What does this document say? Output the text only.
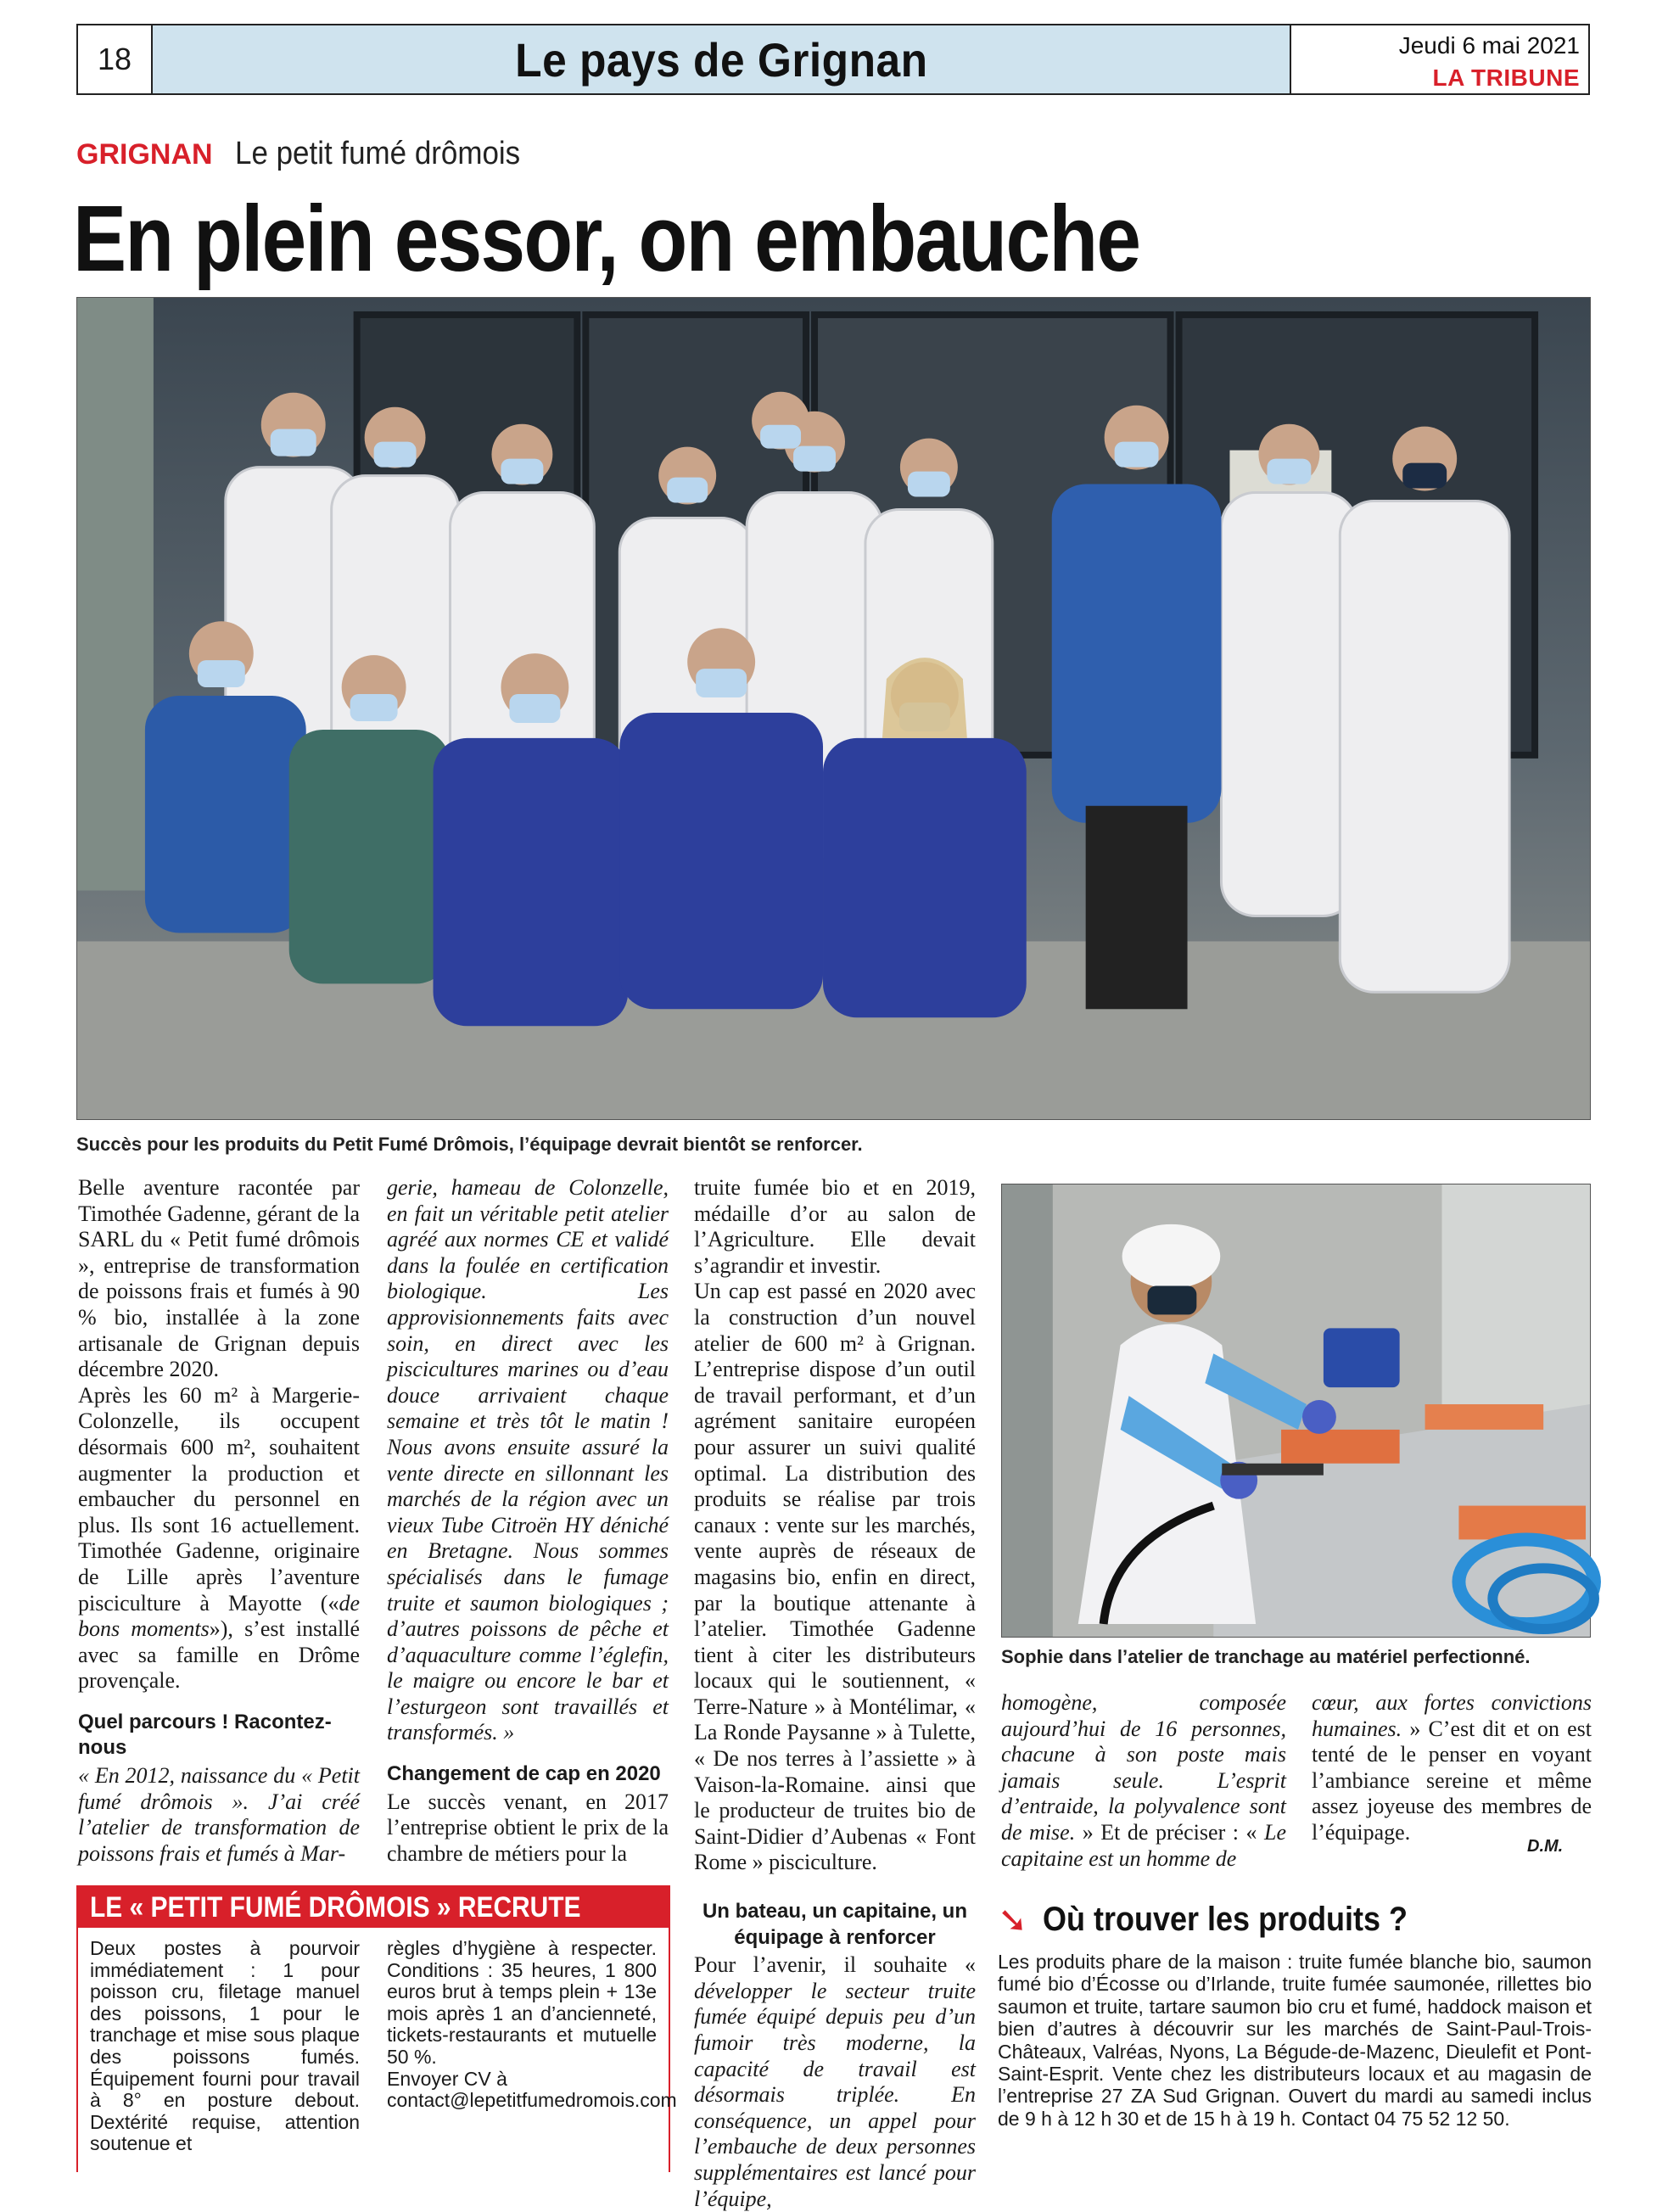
18	Le pays de Grignan	Jeudi 6 mai 2021
LA TRIBUNE
GRIGNAN Le petit fumé drômois
En plein essor, on embauche
Succès pour les produits du Petit Fumé Drômois, l’équipage devrait bientôt se renforcer.
Sophie dans l’atelier de tranchage au matériel perfectionné.

Belle aventure racontée par Timothée Gadenne, gérant de la SARL du « Petit fumé drômois », entreprise de transformation de poissons frais et fumés à 90 % bio, installée à la zone artisanale de Grignan depuis décembre 2020.

Après les 60 m² à Margerie-Colonzelle, ils occupent désormais 600 m², souhaitent augmenter la production et embaucher du personnel en plus. Ils sont 16 actuellement. Timothée Gadenne, originaire de Lille après l’aventure pisciculture à Mayotte («de bons moments»), s’est installé avec sa famille en Drôme provençale.

Quel parcours ! Racontez-nous

« En 2012, naissance du « Petit fumé drômois ». J’ai créé l’atelier de transformation de poissons frais et fumés à Mar-

gerie, hameau de Colonzelle, en fait un véritable petit atelier agréé aux normes CE et validé dans la foulée en certification biologique. Les approvisionnements faits avec soin, en direct avec les piscicultures marines ou d’eau douce arrivaient chaque semaine et très tôt le matin ! Nous avons ensuite assuré la vente directe en sillonnant les marchés de la région avec un vieux Tube Citroën HY déniché en Bretagne. Nous sommes spécialisés dans le fumage truite et saumon biologiques ; d’autres poissons de pêche et d’aquaculture comme l’églefin, le maigre ou encore le bar et l’esturgeon sont travaillés et transformés. »

Changement de cap en 2020

Le succès venant, en 2017 l’entreprise obtient le prix de la chambre de métiers pour la

truite fumée bio et en 2019, médaille d’or au salon de l’Agriculture. Elle devait s’agrandir et investir.

Un cap est passé en 2020 avec la construction d’un nouvel atelier de 600 m² à Grignan. L’entreprise dispose d’un outil de travail performant, et d’un agrément sanitaire européen pour assurer un suivi qualité optimal. La distribution des produits se réalise par trois canaux : vente sur les marchés, vente auprès de réseaux de magasins bio, enfin en direct, par la boutique attenante à l’atelier. Timothée Gadenne tient à citer les distributeurs locaux qui le soutiennent, « Terre-Nature » à Montélimar, « La Ronde Paysanne » à Tulette, « De nos terres à l’assiette » à Vaison-la-Romaine. ainsi que le producteur de truites bio de Saint-Didier d’Aubenas « Font Rome » pisciculture.

Un bateau, un capitaine, un équipage à renforcer

Pour l’avenir, il souhaite « développer le secteur truite fumée équipé depuis peu d’un fumoir très moderne, la capacité de travail est désormais triplée. En conséquence, un appel pour l’embauche de deux personnes supplémentaires est lancé pour l’équipe,

homogène, composée aujourd’hui de 16 personnes, chacune à son poste mais jamais seule. L’esprit d’entraide, la polyvalence sont de mise. » Et de préciser : « Le capitaine est un homme de

cœur, aux fortes convictions humaines. » C’est dit et on est tenté de le penser en voyant l’ambiance sereine et même assez joyeuse des membres de l’équipage.

D.M.
LE « PETIT FUMÉ DRÔMOIS » RECRUTE
Deux postes à pourvoir immédiatement : 1 pour poisson cru, filetage manuel des poissons, 1 pour le tranchage et mise sous plaque des poissons fumés. Équipement fourni pour travail à 8° en posture debout. Dextérité requise, attention soutenue et
règles d’hygiène à respecter. Conditions : 35 heures, 1 800 euros brut à temps plein + 13e mois après 1 an d’ancienneté, tickets-restaurants et mutuelle 50 %.
Envoyer CV à contact@lepetitfumedromois.com
➘ Où trouver les produits ?
Les produits phare de la maison : truite fumée blanche bio, saumon fumé bio d’Écosse ou d’Irlande, truite fumée saumonée, rillettes bio saumon et truite, tartare saumon bio cru et fumé, haddock maison et bien d’autres à découvrir sur les marchés de Saint-Paul-Trois-Châteaux, Valréas, Nyons, La Bégude-de-Mazenc, Dieulefit et Pont-Saint-Esprit. Vente chez les distributeurs locaux et au magasin de l’entreprise 27 ZA Sud Grignan. Ouvert du mardi au samedi inclus de 9 h à 12 h 30 et de 15 h à 19 h. Contact 04 75 52 12 50.
